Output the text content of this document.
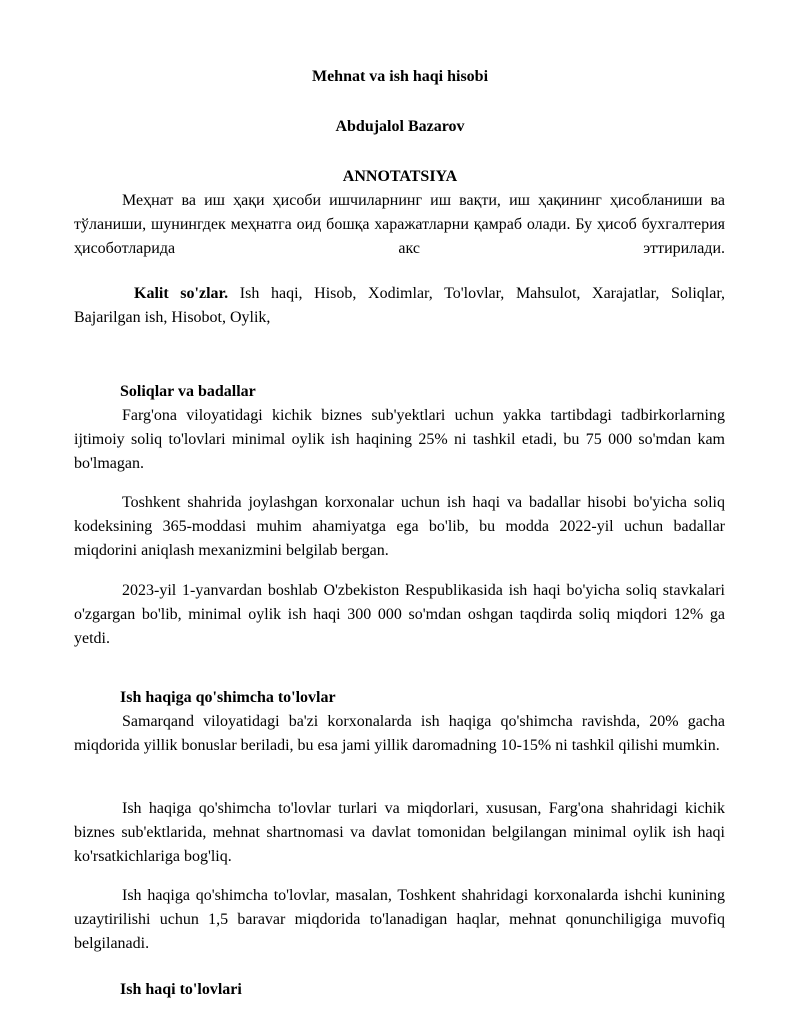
Mehnat va ish haqi hisobi
Abdujalol Bazarov
ANNOTATSIYA
Меҳнат ва иш ҳақи ҳисоби ишчиларнинг иш вақти, иш ҳақининг ҳисобланиши ва тўланиши, шунингдек меҳнатга оид бошқа харажатларни қамраб олади. Бу ҳисоб бухгалтерия ҳисоботларида акс эттирилади.
Kalit so'zlar. Ish haqi, Hisob, Xodimlar, To'lovlar, Mahsulot, Xarajatlar, Soliqlar, Bajarilgan ish, Hisobot, Oylik,
Soliqlar va badallar
Farg'ona viloyatidagi kichik biznes sub'yektlari uchun yakka tartibdagi tadbirkorlarning ijtimoiy soliq to'lovlari minimal oylik ish haqining 25% ni tashkil etadi, bu 75 000 so'mdan kam bo'lmagan.
Toshkent shahrida joylashgan korxonalar uchun ish haqi va badallar hisobi bo'yicha soliq kodeksining 365-moddasi muhim ahamiyatga ega bo'lib, bu modda 2022-yil uchun badallar miqdorini aniqlash mexanizmini belgilab bergan.
2023-yil 1-yanvardan boshlab O'zbekiston Respublikasida ish haqi bo'yicha soliq stavkalari o'zgargan bo'lib, minimal oylik ish haqi 300 000 so'mdan oshgan taqdirda soliq miqdori 12% ga yetdi.
Ish haqiga qo'shimcha to'lovlar
Samarqand viloyatidagi ba'zi korxonalarda ish haqiga qo'shimcha ravishda, 20% gacha miqdorida yillik bonuslar beriladi, bu esa jami yillik daromadning 10-15% ni tashkil qilishi mumkin.
Ish haqiga qo'shimcha to'lovlar turlari va miqdorlari, xususan, Farg'ona shahridagi kichik biznes sub'ektlarida, mehnat shartnomasi va davlat tomonidan belgilangan minimal oylik ish haqi ko'rsatkichlariga bog'liq.
Ish haqiga qo'shimcha to'lovlar, masalan, Toshkent shahridagi korxonalarda ishchi kunining uzaytirilishi uchun 1,5 baravar miqdorida to'lanadigan haqlar, mehnat qonunchiligiga muvofiq belgilanadi.
Ish haqi to'lovlari
